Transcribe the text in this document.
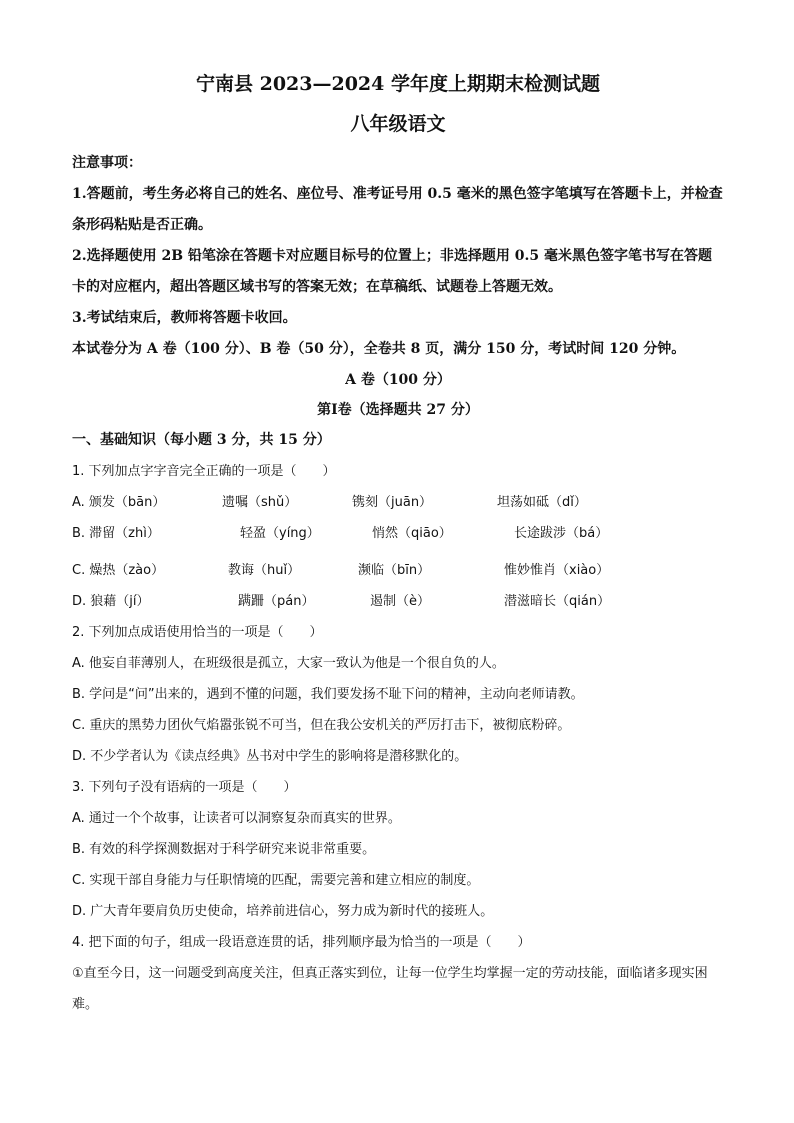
宁南县 2023—2024 学年度上期期末检测试题
八年级语文
注意事项：
1.答题前，考生务必将自己的姓名、座位号、准考证号用 0.5 毫米的黑色签字笔填写在答题卡上，并检查条形码粘贴是否正确。
2.选择题使用 2B 铅笔涂在答题卡对应题目标号的位置上；非选择题用 0.5 毫米黑色签字笔书写在答题卡的对应框内，超出答题区域书写的答案无效；在草稿纸、试题卷上答题无效。
3.考试结束后，教师将答题卡收回。
本试卷分为 A 卷（100 分）、B 卷（50 分），全卷共 8 页，满分 150 分，考试时间 120 分钟。
A 卷（100 分）
第Ⅰ卷（选择题共 27 分）
一、基础知识（每小题 3 分，共 15 分）
1. 下列加点字字音完全正确的一项是（　　）
A. 颁发（bān）	遗嘱（shǔ）	镌刻（juān）	坦荡如砥（dǐ）
B. 滞留（zhì）	轻盈（yíng）	悄然（qiāo）	长途跋涉（bá）
C. 燥热（zào）	教诲（huǐ）	濒临（bīn）	惟妙惟肖（xiào）
D. 狼藉（jí）	蹒跚（pán）	遏制（è）	潜滋暗长（qián）
2. 下列加点成语使用恰当的一项是（　　）
A. 他妄自菲薄别人，在班级很是孤立，大家一致认为他是一个很自负的人。
B. 学问是“问”出来的，遇到不懂的问题，我们要发扬不耻下问的精神，主动向老师请教。
C. 重庆的黑势力团伙气焰嚣张锐不可当，但在我公安机关的严厉打击下，被彻底粉碎。
D. 不少学者认为《读点经典》丛书对中学生的影响将是潜移默化的。
3. 下列句子没有语病的一项是（　　）
A. 通过一个个故事，让读者可以洞察复杂而真实的世界。
B. 有效的科学探测数据对于科学研究来说非常重要。
C. 实现干部自身能力与任职情境的匹配，需要完善和建立相应的制度。
D. 广大青年要肩负历史使命，培养前进信心，努力成为新时代的接班人。
4. 把下面的句子，组成一段语意连贯的话，排列顺序最为恰当的一项是（　　）
①直至今日，这一问题受到高度关注，但真正落实到位，让每一位学生均掌握一定的劳动技能，面临诸多现实困难。
